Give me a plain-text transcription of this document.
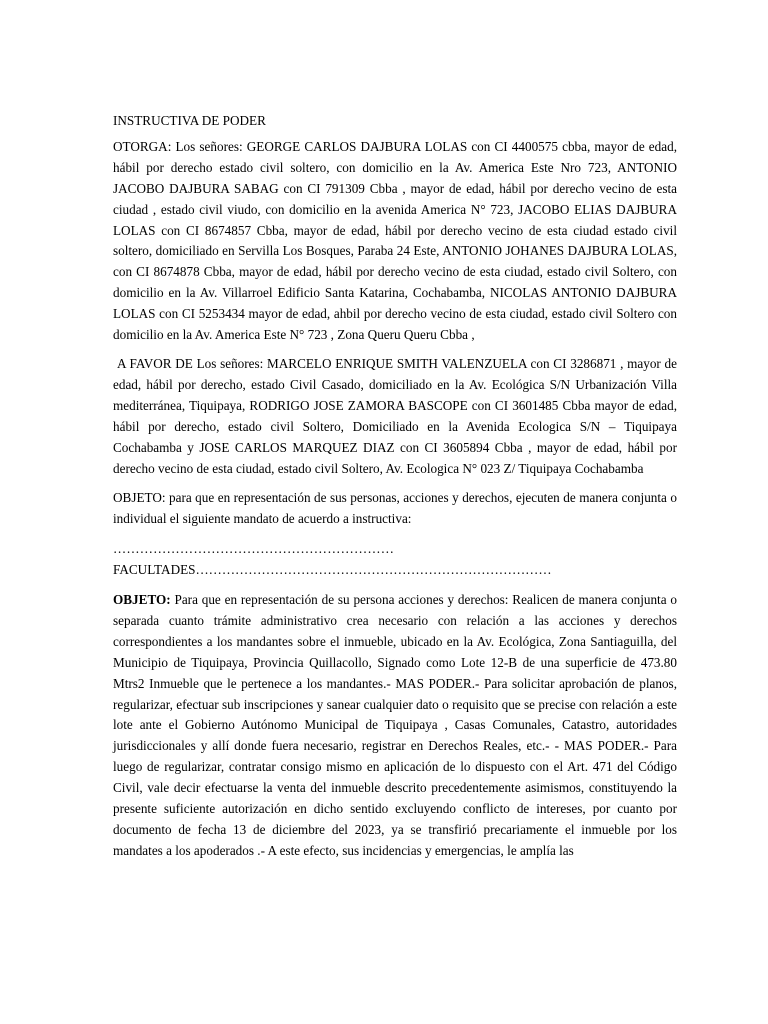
INSTRUCTIVA DE PODER

OTORGA: Los señores: GEORGE CARLOS DAJBURA LOLAS con CI 4400575 cbba, mayor de edad, hábil por derecho estado civil soltero, con domicilio en la Av. America Este Nro 723, ANTONIO JACOBO DAJBURA SABAG con CI 791309 Cbba , mayor de edad, hábil por derecho vecino de esta ciudad , estado civil viudo, con domicilio en la avenida America N° 723, JACOBO ELIAS DAJBURA LOLAS con CI 8674857 Cbba, mayor de edad, hábil por derecho vecino de esta ciudad estado civil soltero, domiciliado en Servilla Los Bosques, Paraba 24 Este, ANTONIO JOHANES DAJBURA LOLAS, con CI 8674878 Cbba, mayor de edad, hábil por derecho vecino de esta ciudad, estado civil Soltero, con domicilio en la Av. Villarroel Edificio Santa Katarina, Cochabamba, NICOLAS ANTONIO DAJBURA LOLAS con CI 5253434 mayor de edad, ahbil por derecho vecino de esta ciudad, estado civil Soltero con domicilio en la Av. America Este N° 723 , Zona Queru Queru Cbba ,

A FAVOR DE Los señores: MARCELO ENRIQUE SMITH VALENZUELA con CI 3286871 , mayor de edad, hábil por derecho, estado Civil Casado, domiciliado en la Av. Ecológica S/N Urbanización Villa mediterránea, Tiquipaya, RODRIGO JOSE ZAMORA BASCOPE con CI 3601485 Cbba mayor de edad, hábil por derecho, estado civil Soltero, Domiciliado en la Avenida Ecologica S/N – Tiquipaya Cochabamba y JOSE CARLOS MARQUEZ DIAZ con CI 3605894 Cbba , mayor de edad, hábil por derecho vecino de esta ciudad, estado civil Soltero, Av. Ecologica N° 023 Z/ Tiquipaya Cochabamba

OBJETO: para que en representación de sus personas, acciones y derechos, ejecuten de manera conjunta o individual el siguiente mandato de acuerdo a instructiva:

………………………………………………………

FACULTADES………………………………………………………………………

OBJETO: Para que en representación de su persona acciones y derechos: Realicen de manera conjunta o separada cuanto trámite administrativo crea necesario con relación a las acciones y derechos correspondientes a los mandantes sobre el inmueble, ubicado en la Av. Ecológica, Zona Santiaguilla, del Municipio de Tiquipaya, Provincia Quillacollo, Signado como Lote 12-B de una superficie de 473.80 Mtrs2 Inmueble que le pertenece a los mandantes.- MAS PODER.- Para solicitar aprobación de planos, regularizar, efectuar sub inscripciones y sanear cualquier dato o requisito que se precise con relación a este lote ante el Gobierno Autónomo Municipal de Tiquipaya , Casas Comunales, Catastro, autoridades jurisdiccionales y allí donde fuera necesario, registrar en Derechos Reales, etc.- - MAS PODER.- Para luego de regularizar, contratar consigo mismo en aplicación de lo dispuesto con el Art. 471 del Código Civil, vale decir efectuarse la venta del inmueble descrito precedentemente asimismos, constituyendo la presente suficiente autorización en dicho sentido excluyendo conflicto de intereses, por cuanto por documento de fecha 13 de diciembre del 2023, ya se transfirió precariamente el inmueble por los mandates a los apoderados .- A este efecto, sus incidencias y emergencias, le amplía las
